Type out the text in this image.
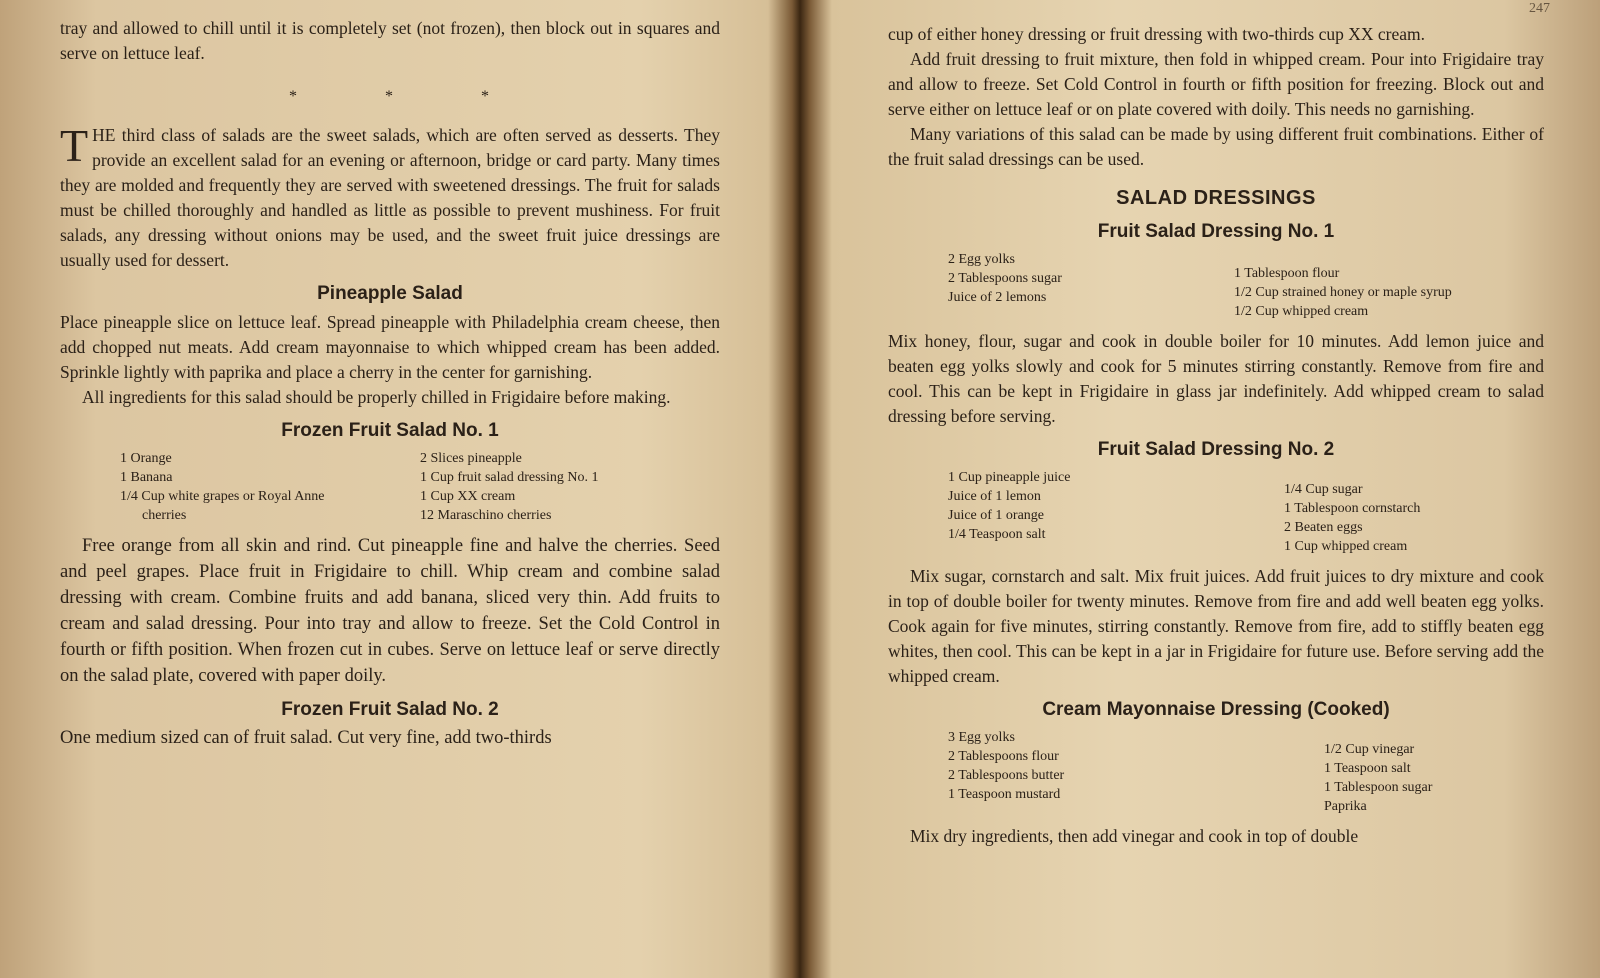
tray and allowed to chill until it is completely set (not frozen), then block out in squares and serve on lettuce leaf.

* * *

T HE third class of salads are the sweet salads, which are often served as desserts. They provide an excellent salad for an evening or afternoon, bridge or card party. Many times they are molded and frequently they are served with sweetened dressings. The fruit for salads must be chilled thoroughly and handled as little as possible to prevent mushiness. For fruit salads, any dressing without onions may be used, and the sweet fruit juice dressings are usually used for dessert.

Pineapple Salad

Place pineapple slice on lettuce leaf. Spread pineapple with Philadelphia cream cheese, then add chopped nut meats. Add cream mayonnaise to which whipped cream has been added. Sprinkle lightly with paprika and place a cherry in the center for garnishing.

All ingredients for this salad should be properly chilled in Frigidaire before making.

Frozen Fruit Salad No. 1
1 Orange
1 Banana
1/4 Cup white grapes or Royal Anne
cherries
2 Slices pineapple
1 Cup fruit salad dressing No. 1
1 Cup XX cream
12 Maraschino cherries

Free orange from all skin and rind. Cut pineapple fine and halve the cherries. Seed and peel grapes. Place fruit in Frigidaire to chill. Whip cream and combine salad dressing with cream. Combine fruits and add banana, sliced very thin. Add fruits to cream and salad dressing. Pour into tray and allow to freeze. Set the Cold Control in fourth or fifth position. When frozen cut in cubes. Serve on lettuce leaf or serve directly on the salad plate, covered with paper doily.

Frozen Fruit Salad No. 2

One medium sized can of fruit salad. Cut very fine, add two-thirds

247

cup of either honey dressing or fruit dressing with two-thirds cup XX cream.

Add fruit dressing to fruit mixture, then fold in whipped cream. Pour into Frigidaire tray and allow to freeze. Set Cold Control in fourth or fifth position for freezing. Block out and serve either on lettuce leaf or on plate covered with doily. This needs no garnishing.

Many variations of this salad can be made by using different fruit combinations. Either of the fruit salad dressings can be used.

SALAD DRESSINGS
Fruit Salad Dressing No. 1
2 Egg yolks
2 Tablespoons sugar
Juice of 2 lemons
1 Tablespoon flour
1/2 Cup strained honey or maple syrup
1/2 Cup whipped cream

Mix honey, flour, sugar and cook in double boiler for 10 minutes. Add lemon juice and beaten egg yolks slowly and cook for 5 minutes stirring constantly. Remove from fire and cool. This can be kept in Frigidaire in glass jar indefinitely. Add whipped cream to salad dressing before serving.

Fruit Salad Dressing No. 2
1 Cup pineapple juice
Juice of 1 lemon
Juice of 1 orange
1/4 Teaspoon salt
1/4 Cup sugar
1 Tablespoon cornstarch
2 Beaten eggs
1 Cup whipped cream

Mix sugar, cornstarch and salt. Mix fruit juices. Add fruit juices to dry mixture and cook in top of double boiler for twenty minutes. Remove from fire and add well beaten egg yolks. Cook again for five minutes, stirring constantly. Remove from fire, add to stiffly beaten egg whites, then cool. This can be kept in a jar in Frigidaire for future use. Before serving add the whipped cream.

Cream Mayonnaise Dressing (Cooked)
3 Egg yolks
2 Tablespoons flour
2 Tablespoons butter
1 Teaspoon mustard
1/2 Cup vinegar
1 Teaspoon salt
1 Tablespoon sugar
Paprika

Mix dry ingredients, then add vinegar and cook in top of double
